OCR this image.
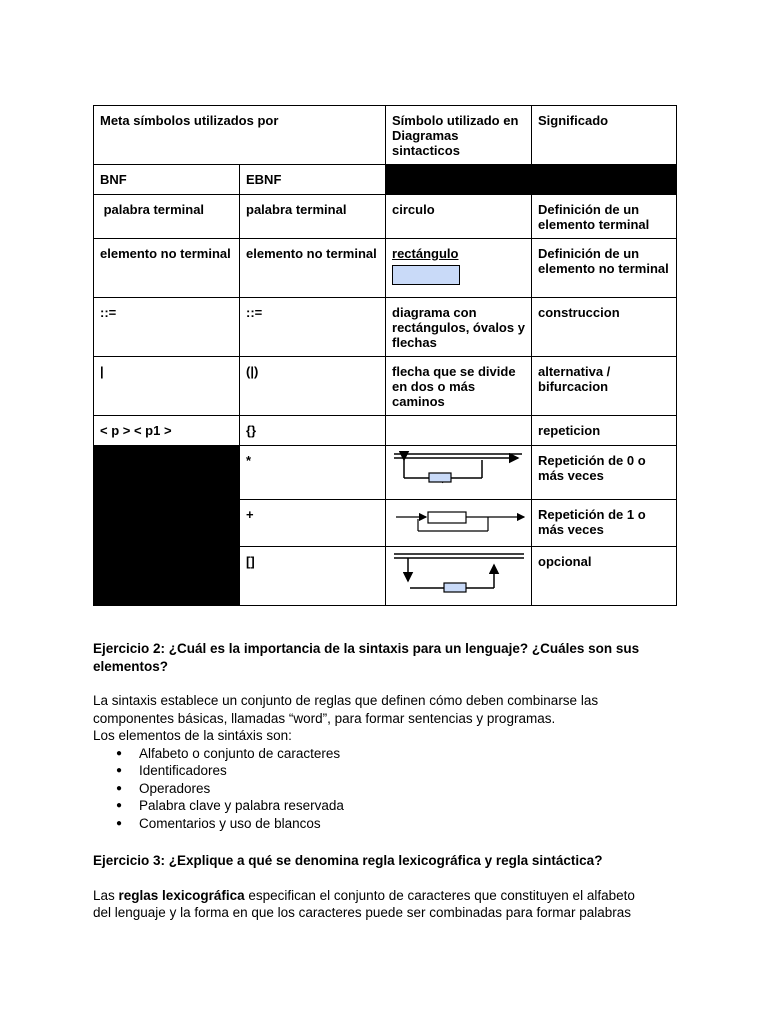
Meta símbolos utilizados por		Símbolo utilizado en Diagramas sintacticos	Significado
BNF	EBNF		
palabra terminal	palabra terminal	circulo	Definición de un elemento terminal
elemento no terminal	elemento no terminal	rectángulo	Definición de un elemento no terminal
::=	::=	diagrama con rectángulos, óvalos y flechas	construccion
|	(|)	flecha que se divide en dos o más caminos	alternativa / bifurcacion
< p > < p1 >	{}		repeticion
	*		Repetición de 0 o más veces
	+		Repetición de 1 o más veces
	[]		opcional
Ejercicio 2: ¿Cuál es la importancia de la sintaxis para un lenguaje? ¿Cuáles son sus elementos?
La sintaxis establece un conjunto de reglas que definen cómo deben combinarse las
componentes básicas, llamadas “word”, para formar sentencias y programas.
Los elementos de la sintáxis son:
● Alfabeto o conjunto de caracteres
● Identificadores
● Operadores
● Palabra clave y palabra reservada
● Comentarios y uso de blancos
Ejercicio 3: ¿Explique a qué se denomina regla lexicográfica y regla sintáctica?
Las reglas lexicográfica especifican el conjunto de caracteres que constituyen el alfabeto
del lenguaje y la forma en que los caracteres puede ser combinadas para formar palabras
